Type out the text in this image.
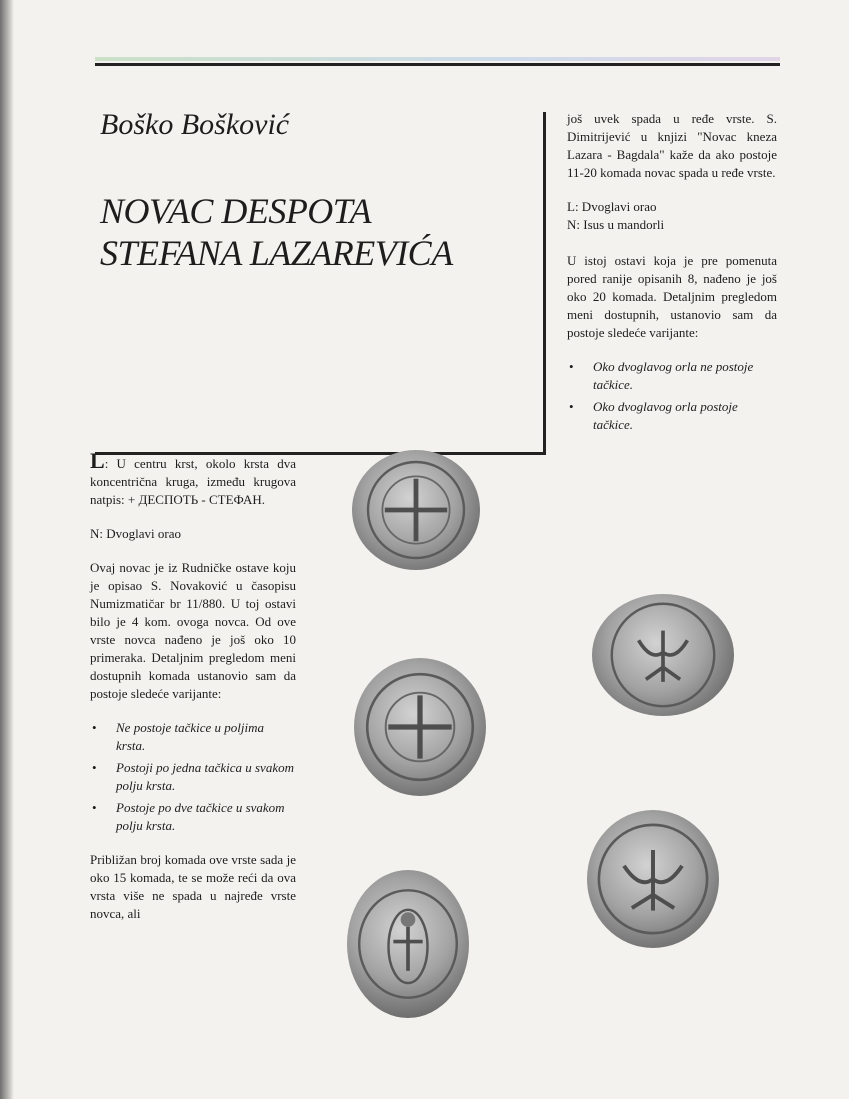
Boško Bošković
NOVAC DESPOTA
STEFANA LAZAREVIĆA

još uvek spada u ređe vrste. S. Dimitrijević u knjizi "Novac kneza Lazara - Bagdala" kaže da ako postoje 11-20 komada novac spada u ređe vrste.

L: Dvoglavi orao
N: Isus u mandorli

U istoj ostavi koja je pre pomenuta pored ranije opisanih 8, nađeno je još oko 20 komada. Detaljnim pregledom meni dostupnih, ustanovio sam da postoje sledeće varijante:

• Oko dvoglavog orla ne postoje tačkice.
• Oko dvoglavog orla postoje tačkice.

L: U centru krst, okolo krsta dva koncentrična kruga, između krugova natpis: + ДЕСПОТЬ - СТЕФАН.

N: Dvoglavi orao

Ovaj novac je iz Rudničke ostave koju je opisao S. Novaković u časopisu Numizmatičar br 11/880. U toj ostavi bilo je 4 kom. ovoga novca. Od ove vrste novca nađeno je još oko 10 primeraka. Detaljnim pregledom meni dostupnih komada ustanovio sam da postoje sledeće varijante:

• Ne postoje tačkice u poljima krsta.
• Postoji po jedna tačkica u svakom polju krsta.
• Postoje po dve tačkice u svakom polju krsta.

Približan broj komada ove vrste sada je oko 15 komada, te se može reći da ova vrsta više ne spada u najređe vrste novca, ali
